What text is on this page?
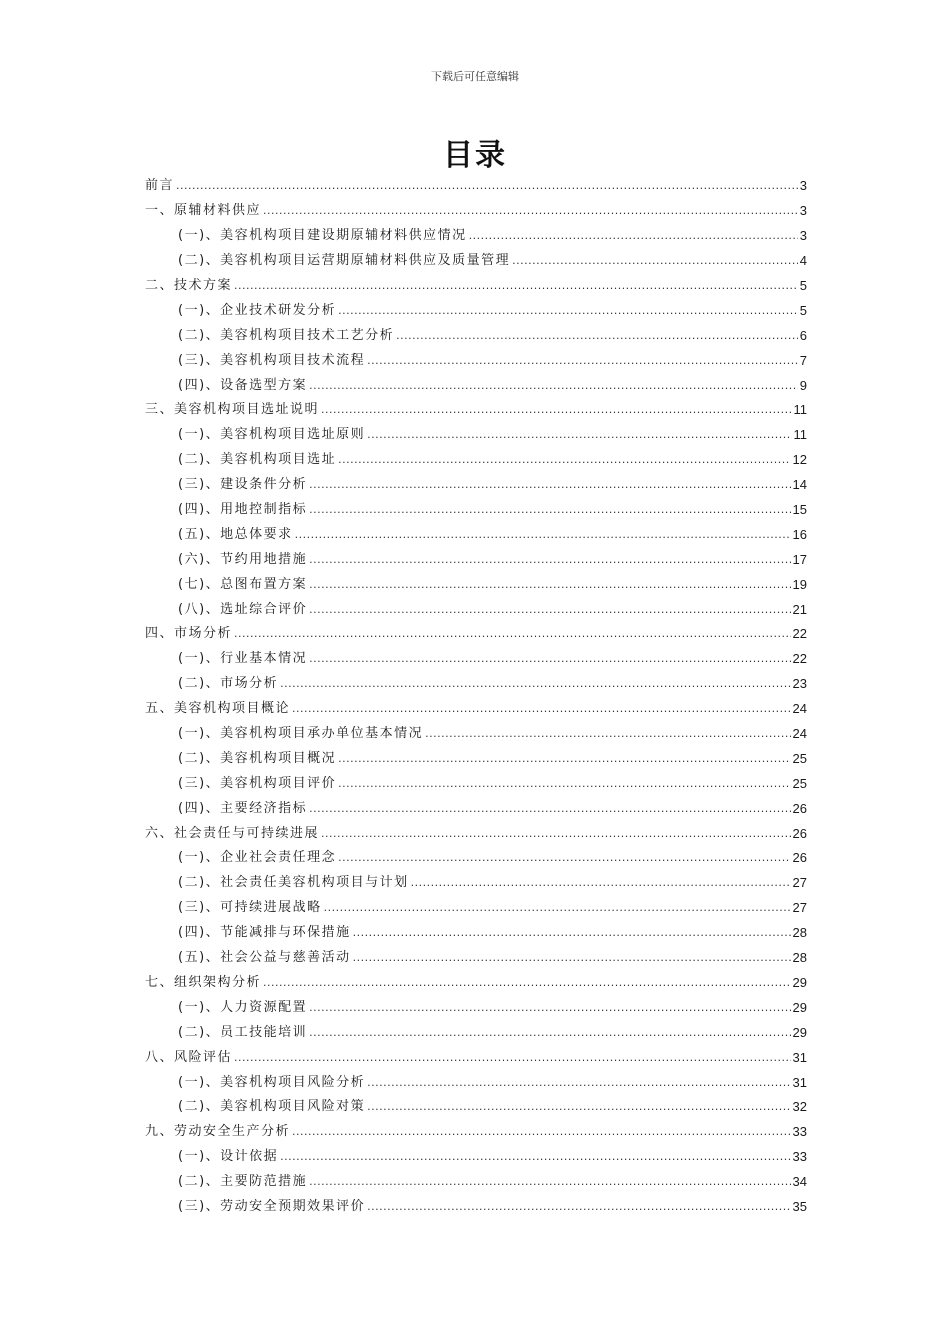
下载后可任意编辑
目录
前言 .....	3
一、原辅材料供应 .....	3
(一)、美容机构项目建设期原辅材料供应情况 .....	3
(二)、美容机构项目运营期原辅材料供应及质量管理 .....	4
二、技术方案 .....	5
(一)、企业技术研发分析 .....	5
(二)、美容机构项目技术工艺分析 .....	6
(三)、美容机构项目技术流程 .....	7
(四)、设备选型方案 .....	9
三、美容机构项目选址说明 .....	11
(一)、美容机构项目选址原则 .....	11
(二)、美容机构项目选址 .....	12
(三)、建设条件分析 .....	14
(四)、用地控制指标 .....	15
(五)、地总体要求 .....	16
(六)、节约用地措施 .....	17
(七)、总图布置方案 .....	19
(八)、选址综合评价 .....	21
四、市场分析 .....	22
(一)、行业基本情况 .....	22
(二)、市场分析 .....	23
五、美容机构项目概论 .....	24
(一)、美容机构项目承办单位基本情况 .....	24
(二)、美容机构项目概况 .....	25
(三)、美容机构项目评价 .....	25
(四)、主要经济指标 .....	26
六、社会责任与可持续进展 .....	26
(一)、企业社会责任理念 .....	26
(二)、社会责任美容机构项目与计划 .....	27
(三)、可持续进展战略 .....	27
(四)、节能减排与环保措施 .....	28
(五)、社会公益与慈善活动 .....	28
七、组织架构分析 .....	29
(一)、人力资源配置 .....	29
(二)、员工技能培训 .....	29
八、风险评估 .....	31
(一)、美容机构项目风险分析 .....	31
(二)、美容机构项目风险对策 .....	32
九、劳动安全生产分析 .....	33
(一)、设计依据 .....	33
(二)、主要防范措施 .....	34
(三)、劳动安全预期效果评价 .....	35
